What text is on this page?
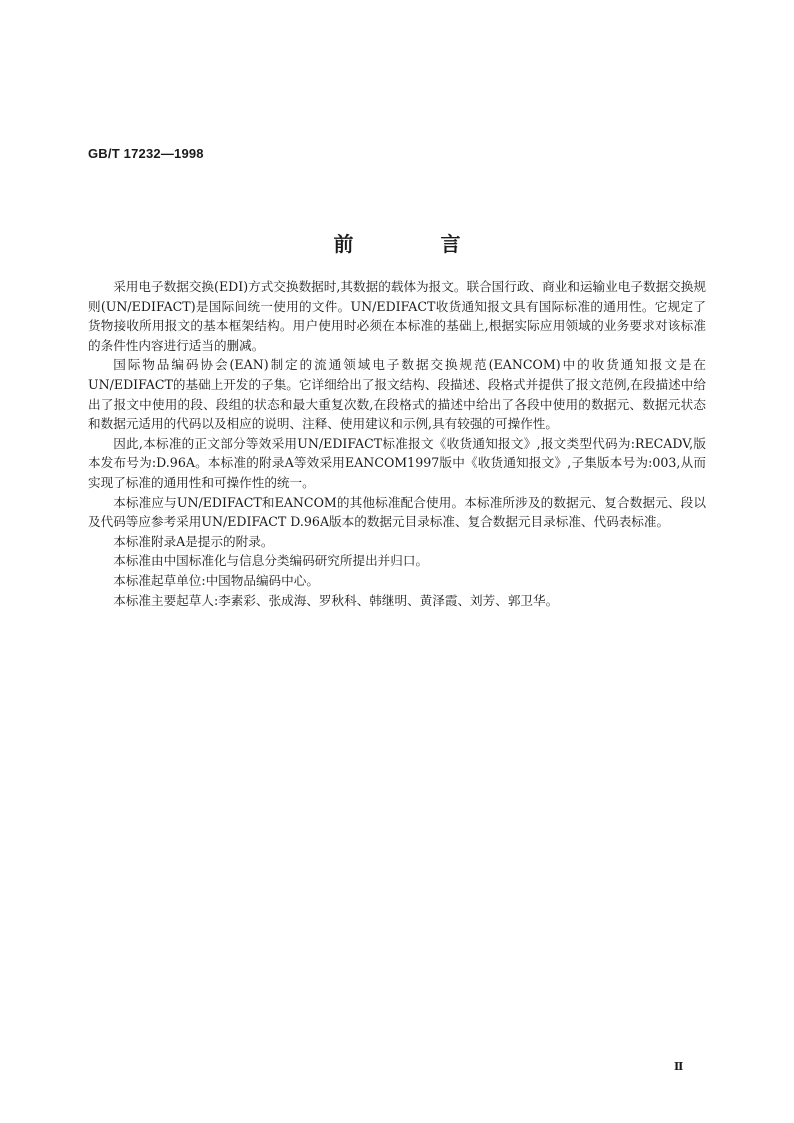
GB/T 17232—1998
前 言

采用电子数据交换(EDI)方式交换数据时,其数据的载体为报文。联合国行政、商业和运输业电子数据交换规则(UN/EDIFACT)是国际间统一使用的文件。UN/EDIFACT收货通知报文具有国际标准的通用性。它规定了货物接收所用报文的基本框架结构。用户使用时必须在本标准的基础上,根据实际应用领域的业务要求对该标准的条件性内容进行适当的删减。

国际物品编码协会(EAN)制定的流通领域电子数据交换规范(EANCOM)中的收货通知报文是在UN/EDIFACT的基础上开发的子集。它详细给出了报文结构、段描述、段格式并提供了报文范例,在段描述中给出了报文中使用的段、段组的状态和最大重复次数,在段格式的描述中给出了各段中使用的数据元、数据元状态和数据元适用的代码以及相应的说明、注释、使用建议和示例,具有较强的可操作性。

因此,本标准的正文部分等效采用UN/EDIFACT标准报文《收货通知报文》,报文类型代码为:RECADV,版本发布号为:D.96A。本标准的附录A等效采用EANCOM1997版中《收货通知报文》,子集版本号为:003,从而实现了标准的通用性和可操作性的统一。

本标准应与UN/EDIFACT和EANCOM的其他标准配合使用。本标准所涉及的数据元、复合数据元、段以及代码等应参考采用UN/EDIFACT D.96A版本的数据元目录标准、复合数据元目录标准、代码表标准。

本标准附录A是提示的附录。

本标准由中国标准化与信息分类编码研究所提出并归口。

本标准起草单位:中国物品编码中心。

本标准主要起草人:李素彩、张成海、罗秋科、韩继明、黄泽霞、刘芳、郭卫华。

Ⅱ
